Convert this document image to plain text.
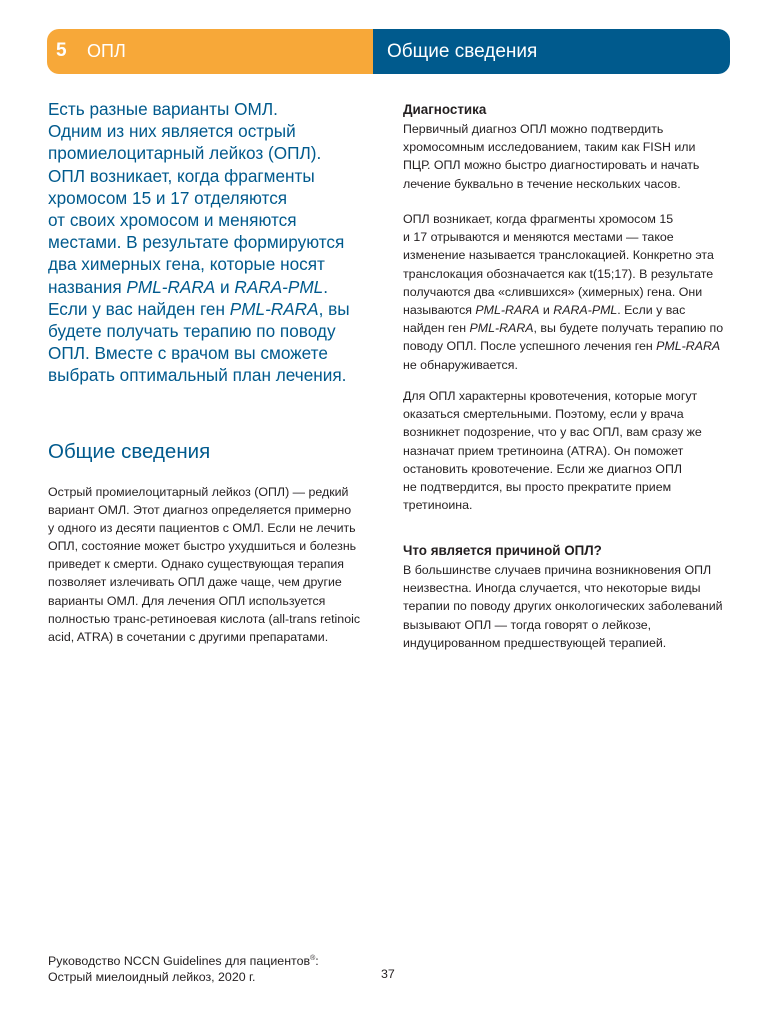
5 ОПЛ	Общие сведения

Есть разные варианты ОМЛ.
Одним из них является острый
промиелоцитарный лейкоз (ОПЛ).
ОПЛ возникает, когда фрагменты
хромосом 15 и 17 отделяются
от своих хромосом и меняются
местами. В результате формируются
два химерных гена, которые носят
названия PML-RARA и RARA-PML.
Если у вас найден ген PML-RARA, вы
будете получать терапию по поводу
ОПЛ. Вместе с врачом вы сможете
выбрать оптимальный план лечения.

Общие сведения

Острый промиелоцитарный лейкоз (ОПЛ) — редкий
вариант ОМЛ. Этот диагноз определяется примерно
у одного из десяти пациентов с ОМЛ. Если не лечить
ОПЛ, состояние может быстро ухудшиться и болезнь
приведет к смерти. Однако существующая терапия
позволяет излечивать ОПЛ даже чаще, чем другие
варианты ОМЛ. Для лечения ОПЛ используется
полностью транс-ретиноевая кислота (all-trans retinoic
acid, ATRA) в сочетании с другими препаратами.

Диагностика

Первичный диагноз ОПЛ можно подтвердить
хромосомным исследованием, таким как FISH или
ПЦР. ОПЛ можно быстро диагностировать и начать
лечение буквально в течение нескольких часов.

ОПЛ возникает, когда фрагменты хромосом 15
и 17 отрываются и меняются местами — такое
изменение называется транслокацией. Конкретно эта
транслокация обозначается как t(15;17). В результате
получаются два «слившихся» (химерных) гена. Они
называются PML-RARA и RARA-PML. Если у вас
найден ген PML-RARA, вы будете получать терапию по
поводу ОПЛ. После успешного лечения ген PML-RARA
не обнаруживается.

Для ОПЛ характерны кровотечения, которые могут
оказаться смертельными. Поэтому, если у врача
возникнет подозрение, что у вас ОПЛ, вам сразу же
назначат прием третиноина (ATRA). Он поможет
остановить кровотечение. Если же диагноз ОПЛ
не подтвердится, вы просто прекратите прием
третиноина.

Что является причиной ОПЛ?

В большинстве случаев причина возникновения ОПЛ
неизвестна. Иногда случается, что некоторые виды
терапии по поводу других онкологических заболеваний
вызывают ОПЛ — тогда говорят о лейкозе,
индуцированном предшествующей терапией.

Руководство NCCN Guidelines для пациентов®:
Острый миелоидный лейкоз, 2020 г.	37
